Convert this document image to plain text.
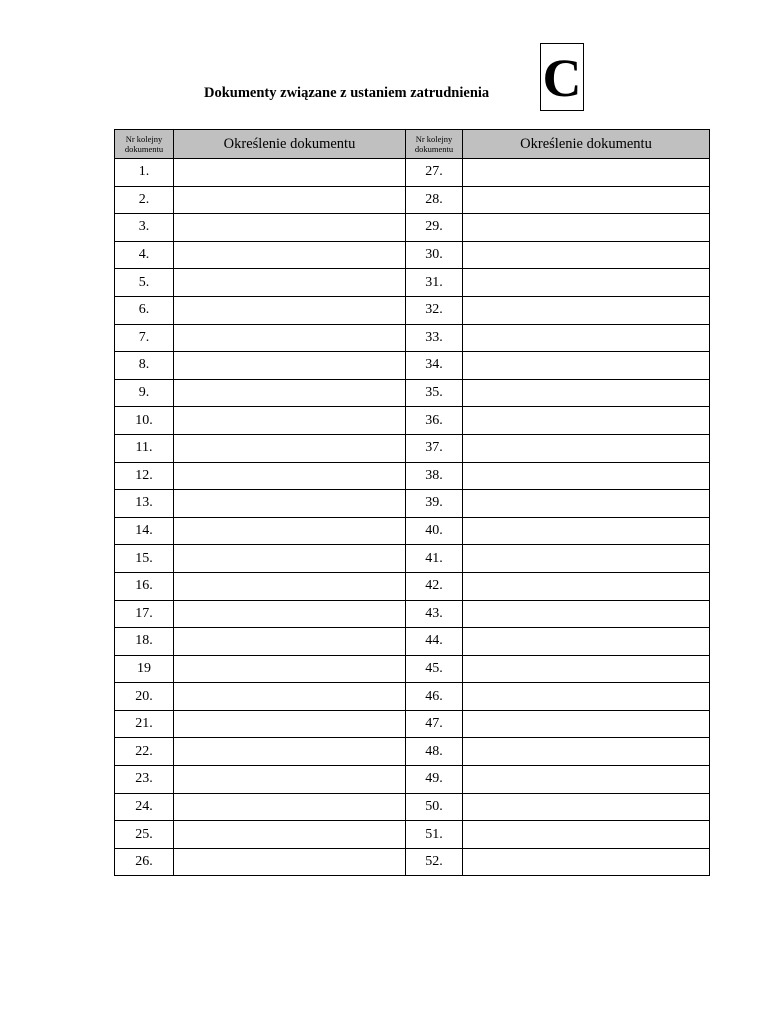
Dokumenty związane z ustaniem zatrudnienia C
Nr kolejny dokumentu	Określenie dokumentu	Nr kolejny dokumentu	Określenie dokumentu
1.		27.	
2.		28.	
3.		29.	
4.		30.	
5.		31.	
6.		32.	
7.		33.	
8.		34.	
9.		35.	
10.		36.	
11.		37.	
12.		38.	
13.		39.	
14.		40.	
15.		41.	
16.		42.	
17.		43.	
18.		44.	
19		45.	
20.		46.	
21.		47.	
22.		48.	
23.		49.	
24.		50.	
25.		51.	
26.		52.	
